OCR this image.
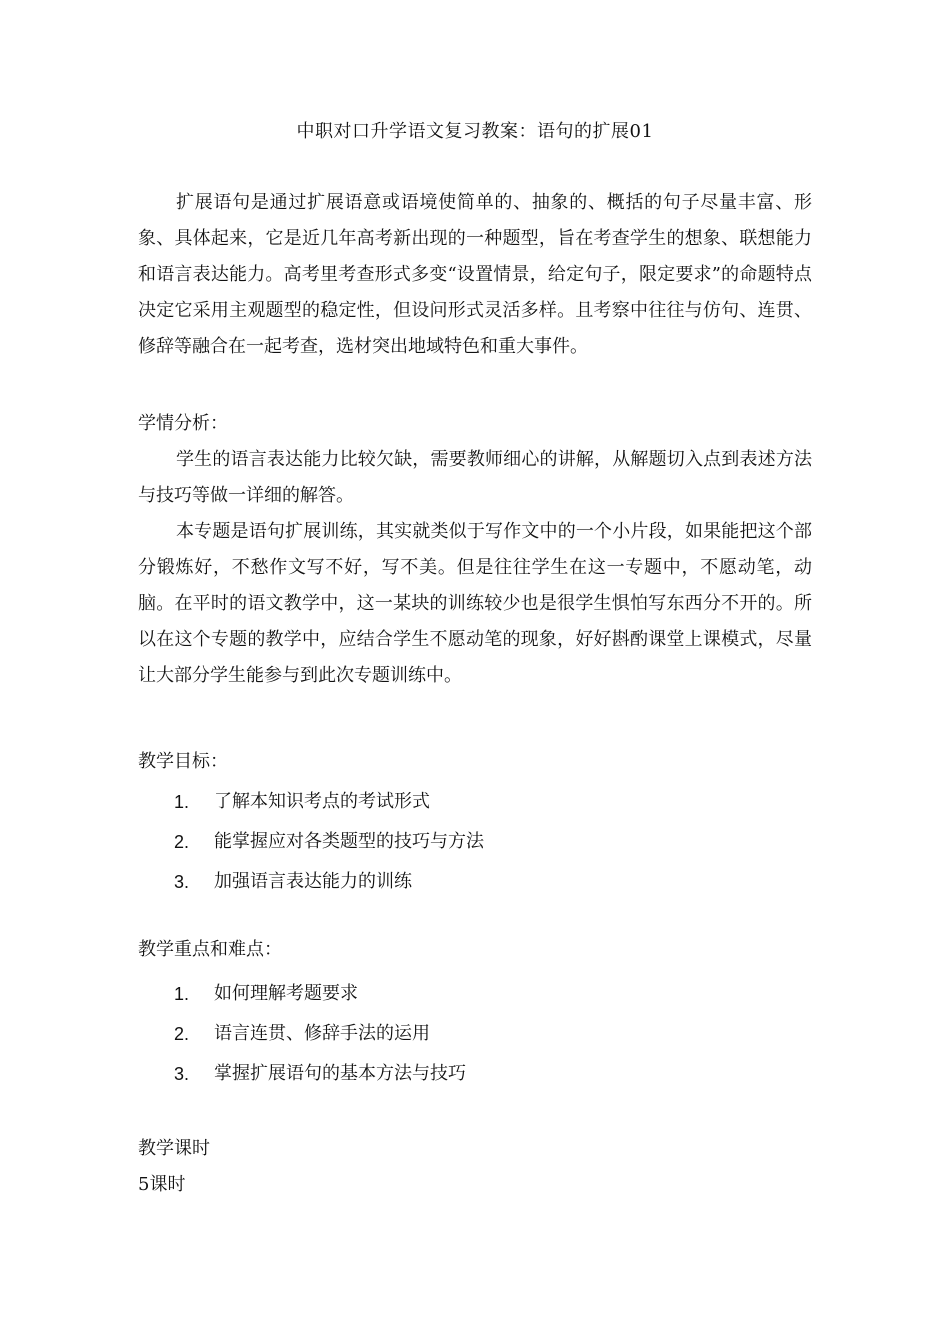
中职对口升学语文复习教案：语句的扩展01

扩展语句是通过扩展语意或语境使简单的、抽象的、概括的句子尽量丰富、形象、具体起来，它是近几年高考新出现的一种题型，旨在考查学生的想象、联想能力和语言表达能力。高考里考查形式多变“设置情景，给定句子，限定要求”的命题特点决定它采用主观题型的稳定性，但设问形式灵活多样。且考察中往往与仿句、连贯、修辞等融合在一起考查，选材突出地域特色和重大事件。

学情分析：

学生的语言表达能力比较欠缺，需要教师细心的讲解，从解题切入点到表述方法与技巧等做一详细的解答。

本专题是语句扩展训练，其实就类似于写作文中的一个小片段，如果能把这个部分锻炼好，不愁作文写不好，写不美。但是往往学生在这一专题中，不愿动笔，动脑。在平时的语文教学中，这一某块的训练较少也是很学生惧怕写东西分不开的。所以在这个专题的教学中，应结合学生不愿动笔的现象，好好斟酌课堂上课模式，尽量让大部分学生能参与到此次专题训练中。

教学目标：

1.	了解本知识考点的考试形式
2.	能掌握应对各类题型的技巧与方法
3.	加强语言表达能力的训练

教学重点和难点：

1.	如何理解考题要求
2.	语言连贯、修辞手法的运用
3.	掌握扩展语句的基本方法与技巧

教学课时

5课时
